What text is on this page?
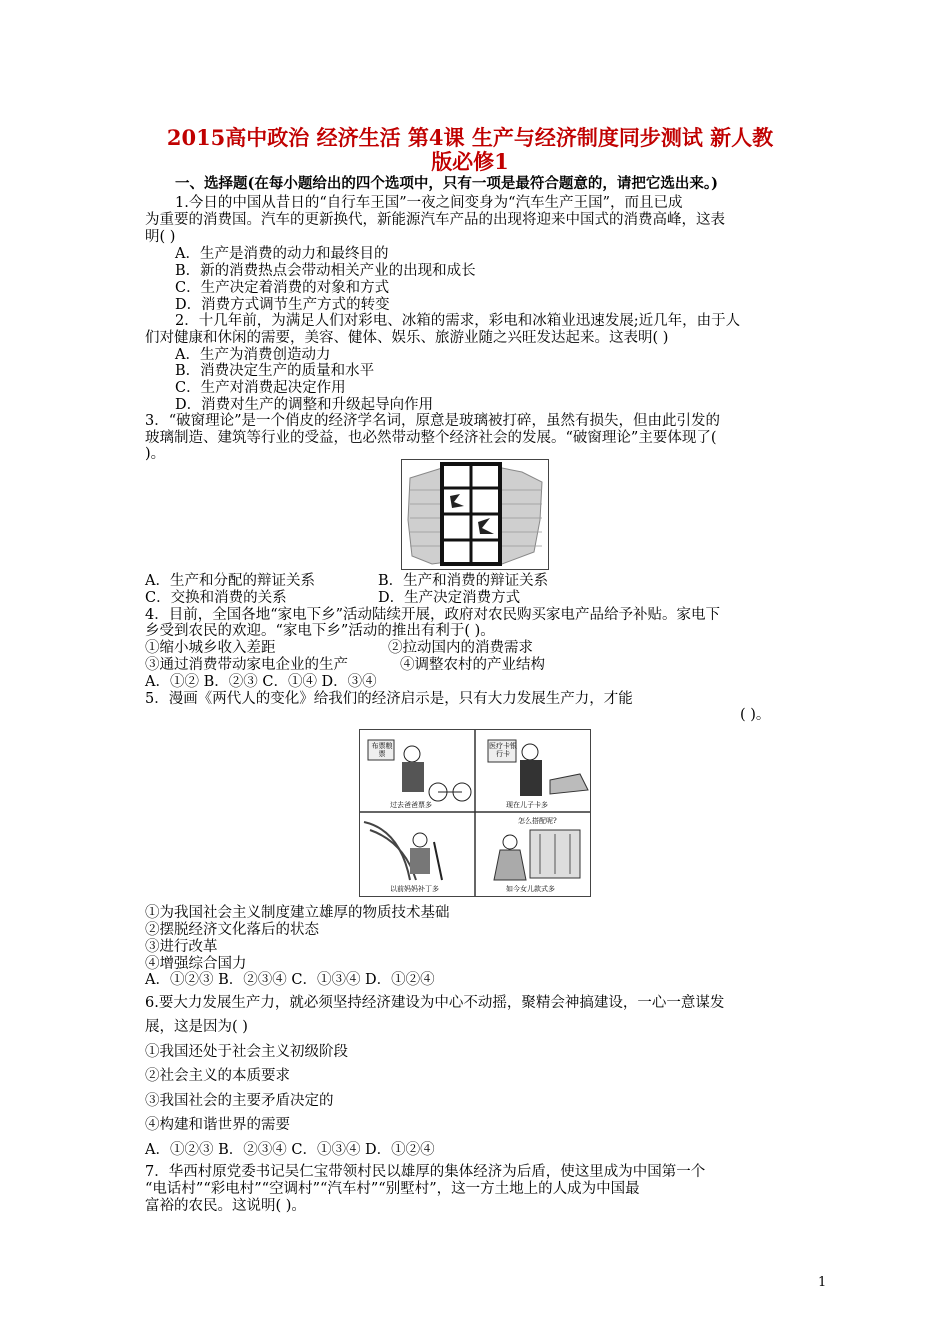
2015高中政治 经济生活 第4课 生产与经济制度同步测试 新人教
版必修1
一、选择题(在每小题给出的四个选项中，只有一项是最符合题意的，请把它选出来。)
1.今日的中国从昔日的“自行车王国”一夜之间变身为“汽车生产王国”，而且已成
为重要的消费国。汽车的更新换代，新能源汽车产品的出现将迎来中国式的消费高峰，这表
明( )
A．生产是消费的动力和最终目的
B．新的消费热点会带动相关产业的出现和成长
C．生产决定着消费的对象和方式
D．消费方式调节生产方式的转变
2．十几年前，为满足人们对彩电、冰箱的需求，彩电和冰箱业迅速发展;近几年，由于人
们对健康和休闲的需要，美容、健体、娱乐、旅游业随之兴旺发达起来。这表明( )
A．生产为消费创造动力
B．消费决定生产的质量和水平
C．生产对消费起决定作用
D．消费对生产的调整和升级起导向作用
3．“破窗理论”是一个俏皮的经济学名词，原意是玻璃被打碎，虽然有损失，但由此引发的
玻璃制造、建筑等行业的受益，也必然带动整个经济社会的发展。“破窗理论”主要体现了(
)。
A．生产和分配的辩证关系	B．生产和消费的辩证关系
C．交换和消费的关系	D．生产决定消费方式
4．目前，全国各地“家电下乡”活动陆续开展，政府对农民购买家电产品给予补贴。家电下
乡受到农民的欢迎。“家电下乡”活动的推出有利于( )。
①缩小城乡收入差距	②拉动国内的消费需求
③通过消费带动家电企业的生产	④调整农村的产业结构
A．①② B．②③ C．①④ D．③④
5．漫画《两代人的变化》给我们的经济启示是，只有大力发展生产力，才能
( )。
布票粮票
医疗卡银行卡
怎么搭配呢?
过去爸爸票多	现在儿子卡多
以前妈妈补丁多	如今女儿款式多
①为我国社会主义制度建立雄厚的物质技术基础
②摆脱经济文化落后的状态
③进行改革
④增强综合国力
A．①②③ B．②③④ C．①③④ D．①②④
6.要大力发展生产力，就必须坚持经济建设为中心不动摇，聚精会神搞建设，一心一意谋发
展，这是因为( )
①我国还处于社会主义初级阶段
②社会主义的本质要求
③我国社会的主要矛盾决定的
④构建和谐世界的需要
A．①②③ B．②③④ C．①③④ D．①②④
7．华西村原党委书记吴仁宝带领村民以雄厚的集体经济为后盾，使这里成为中国第一个
“电话村”“彩电村”“空调村”“汽车村”“别墅村”，这一方土地上的人成为中国最
富裕的农民。这说明( )。
1
